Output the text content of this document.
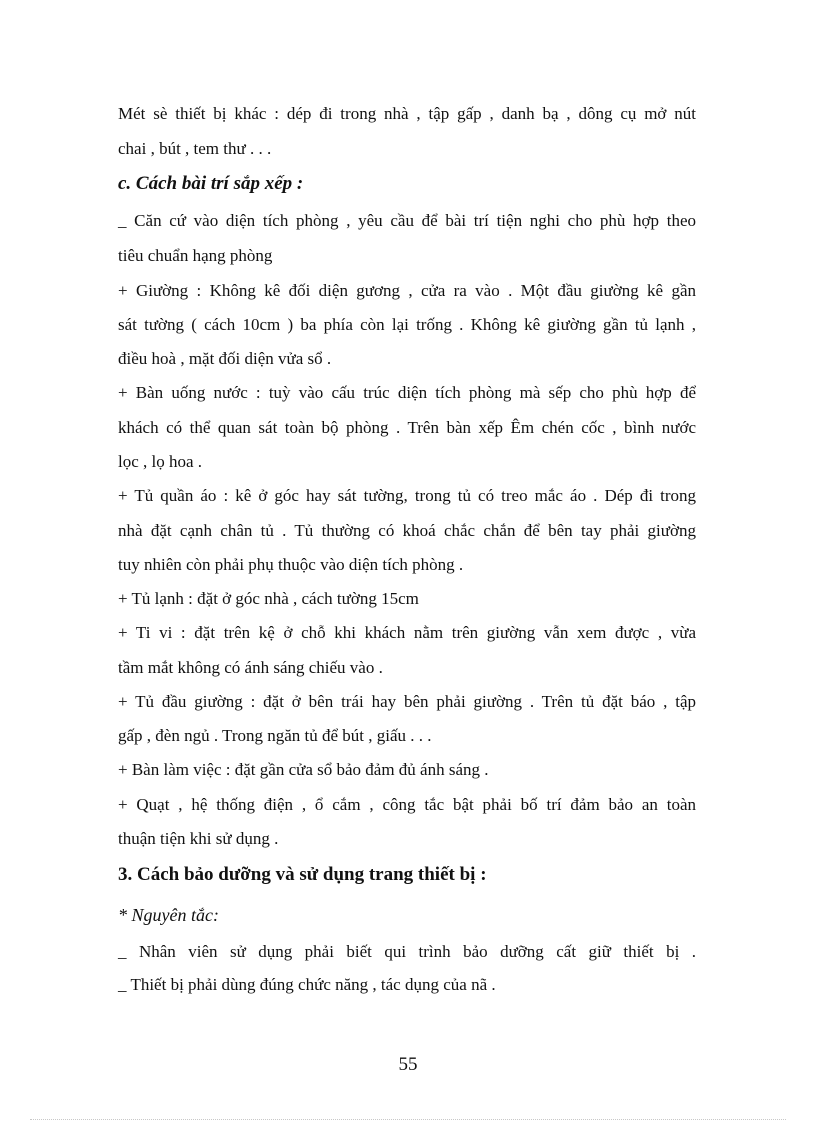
Mét sè thiết bị khác : dép đi trong nhà , tập gấp , danh bạ , dông cụ mở nút
chai , bút , tem thư . . .
c. Cách bài trí sắp xếp :
_ Căn cứ vào diện tích phòng , yêu cầu để bài trí tiện nghi cho phù hợp theo
tiêu chuẩn hạng phòng
+ Giường : Không kê đối diện gương , cửa ra vào . Một đầu giường kê gần
sát tường ( cách 10cm ) ba phía còn lại trống . Không kê giường gần tủ lạnh ,
điều hoà , mặt đối diện vửa sổ .
+ Bàn uống nước : tuỳ vào cấu trúc diện tích phòng mà sếp cho phù hợp để
khách có thể quan sát toàn bộ phòng . Trên bàn xếp Êm chén cốc , bình nước
lọc , lọ hoa .
+ Tủ quần áo : kê ở góc hay sát tường, trong tủ có treo mắc áo . Dép đi trong
nhà đặt cạnh chân tủ . Tủ thường có khoá chắc chắn để bên tay phải giường
tuy nhiên còn phải phụ thuộc vào diện tích phòng .
+ Tủ lạnh : đặt ở góc nhà , cách tường 15cm
+ Ti vi : đặt trên kệ ở chỗ khi khách nằm trên giường vẫn xem được , vừa
tầm mắt không có ánh sáng chiếu vào .
+ Tủ đầu giường : đặt ở bên trái hay bên phải giường . Trên tủ đặt báo , tập
gấp , đèn ngủ . Trong ngăn tủ để bút , giấu . . .
+ Bàn làm việc : đặt gần cửa sổ bảo đảm đủ ánh sáng .
+ Quạt , hệ thống điện , ổ cắm , công tắc bật phải bố trí đảm bảo an toàn
thuận tiện khi sử dụng .
3. Cách bảo dưỡng và sử dụng trang thiết bị :
* Nguyên tắc:
_ Nhân viên sử dụng phải biết qui trình bảo dưỡng cất giữ thiết bị .
_ Thiết bị phải dùng đúng chức năng , tác dụng của nã .
55
